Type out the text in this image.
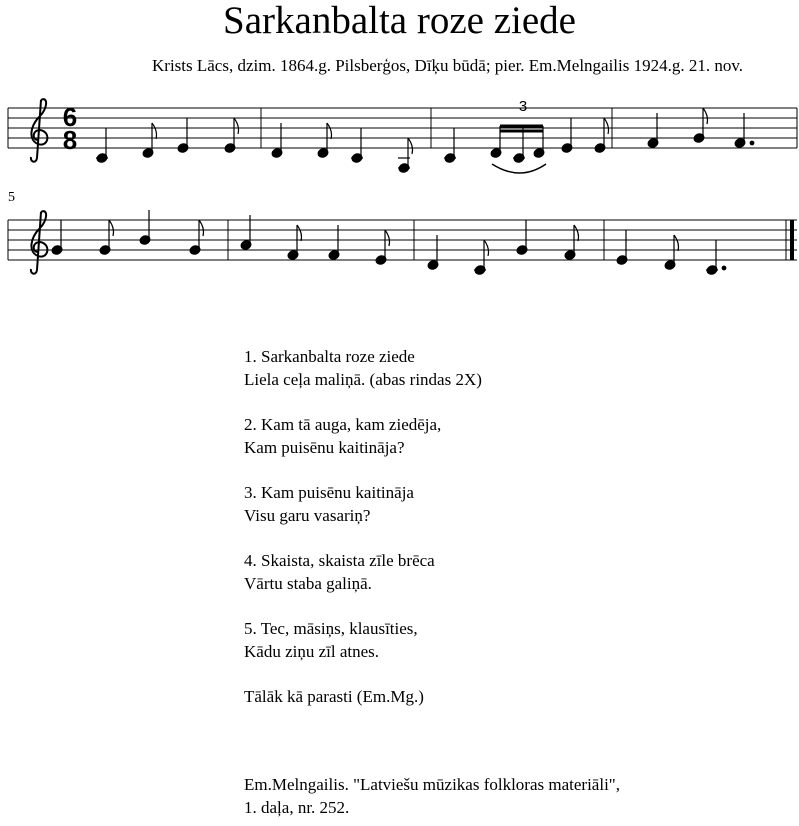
Sarkanbalta roze ziede
Krists Lācs, dzim. 1864.g. Pilsberģos, Dīķu būdā; pier. Em.Melngailis 1924.g. 21. nov.
6
8
3
5
1. Sarkanbalta roze ziede
Liela ceļa maliņā. (abas rindas 2X)
2. Kam tā auga, kam ziedēja,
Kam puisēnu kaitināja?
3. Kam puisēnu kaitināja
Visu garu vasariņ?
4. Skaista, skaista zīle brēca
Vārtu staba galiņā.
5. Tec, māsiņs, klausīties,
Kādu ziņu zīl atnes.
Tālāk kā parasti (Em.Mg.)
Em.Melngailis. "Latviešu mūzikas folkloras materiāli",
1. daļa, nr. 252.
